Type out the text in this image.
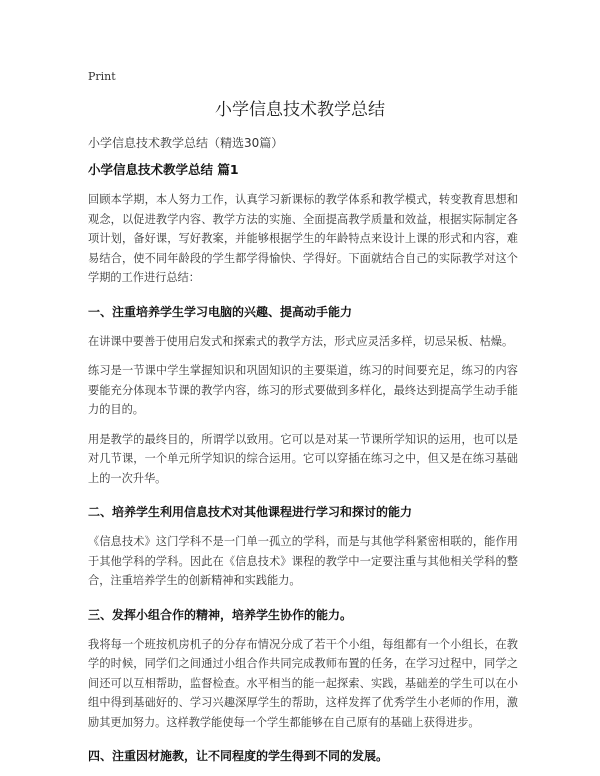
Print
小学信息技术教学总结
小学信息技术教学总结（精选30篇）

小学信息技术教学总结 篇1

回顾本学期，本人努力工作，认真学习新课标的教学体系和教学模式，转变教育思想和观念，以促进教学内容、教学方法的实施、全面提高教学质量和效益，根据实际制定各项计划，备好课，写好教案，并能够根据学生的年龄特点来设计上课的形式和内容，难易结合，使不同年龄段的学生都学得愉快、学得好。下面就结合自己的实际教学对这个学期的工作进行总结：

一、注重培养学生学习电脑的兴趣、提高动手能力

在讲课中要善于使用启发式和探索式的教学方法，形式应灵活多样，切忌呆板、枯燥。

练习是一节课中学生掌握知识和巩固知识的主要渠道，练习的时间要充足，练习的内容要能充分体现本节课的教学内容，练习的形式要做到多样化，最终达到提高学生动手能力的目的。

用是教学的最终目的，所谓学以致用。它可以是对某一节课所学知识的运用，也可以是对几节课，一个单元所学知识的综合运用。它可以穿插在练习之中，但又是在练习基础上的一次升华。

二、培养学生利用信息技术对其他课程进行学习和探讨的能力

《信息技术》这门学科不是一门单一孤立的学科，而是与其他学科紧密相联的，能作用于其他学科的学科。因此在《信息技术》课程的教学中一定要注重与其他相关学科的整合，注重培养学生的创新精神和实践能力。

三、发挥小组合作的精神，培养学生协作的能力。

我将每一个班按机房机子的分存布情况分成了若干个小组，每组都有一个小组长，在教学的时候，同学们之间通过小组合作共同完成教师布置的任务，在学习过程中，同学之间还可以互相帮助，监督检查。水平相当的能一起探索、实践，基础差的学生可以在小组中得到基础好的、学习兴趣深厚学生的帮助，这样发挥了优秀学生小老师的作用，激励其更加努力。这样教学能使每一个学生都能够在自己原有的基础上获得进步。

四、注重因材施教，让不同程度的学生得到不同的发展。
